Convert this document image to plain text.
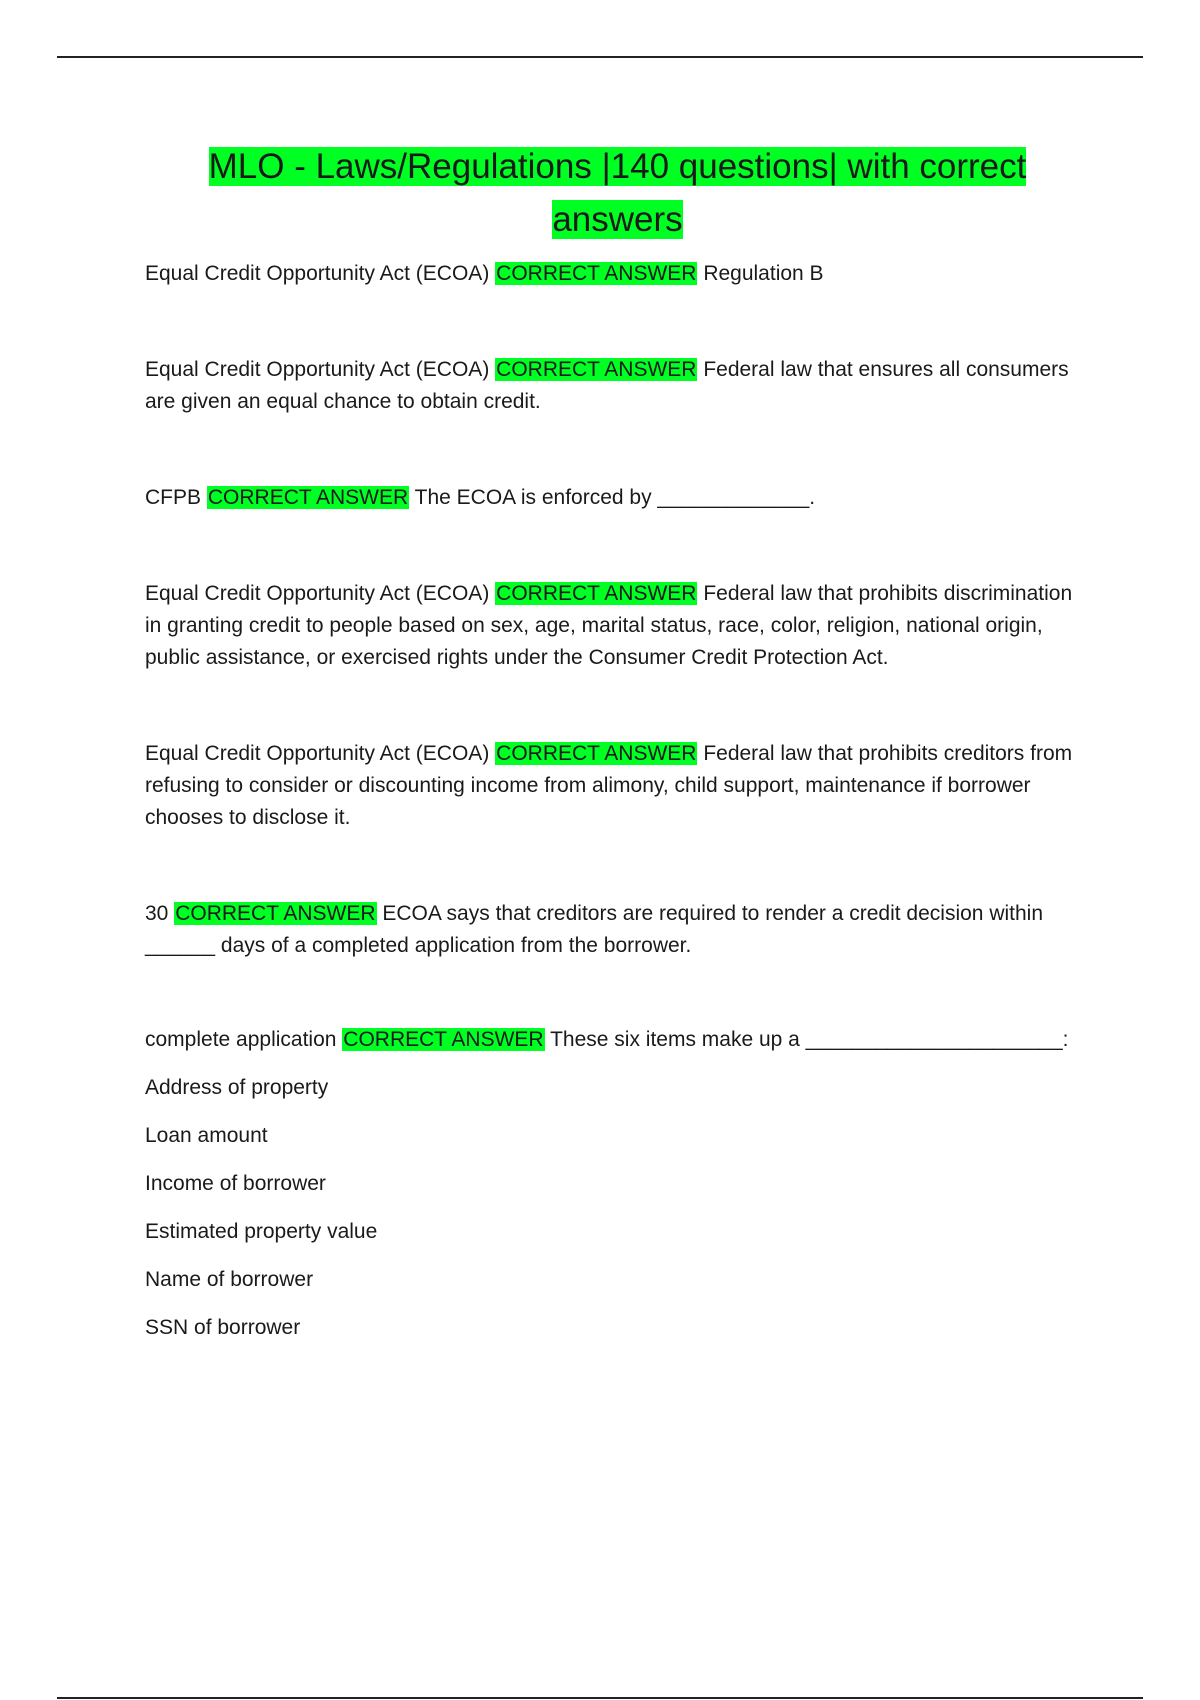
MLO - Laws/Regulations |140 questions| with correct answers

Equal Credit Opportunity Act (ECOA) CORRECT ANSWER Regulation B

Equal Credit Opportunity Act (ECOA) CORRECT ANSWER Federal law that ensures all consumers are given an equal chance to obtain credit.

CFPB CORRECT ANSWER The ECOA is enforced by _____________.

Equal Credit Opportunity Act (ECOA) CORRECT ANSWER Federal law that prohibits discrimination in granting credit to people based on sex, age, marital status, race, color, religion, national origin, public assistance, or exercised rights under the Consumer Credit Protection Act.

Equal Credit Opportunity Act (ECOA) CORRECT ANSWER Federal law that prohibits creditors from refusing to consider or discounting income from alimony, child support, maintenance if borrower chooses to disclose it.

30 CORRECT ANSWER ECOA says that creditors are required to render a credit decision within ______ days of a completed application from the borrower.

complete application CORRECT ANSWER These six items make up a ______________________:

Address of property

Loan amount

Income of borrower

Estimated property value

Name of borrower

SSN of borrower
